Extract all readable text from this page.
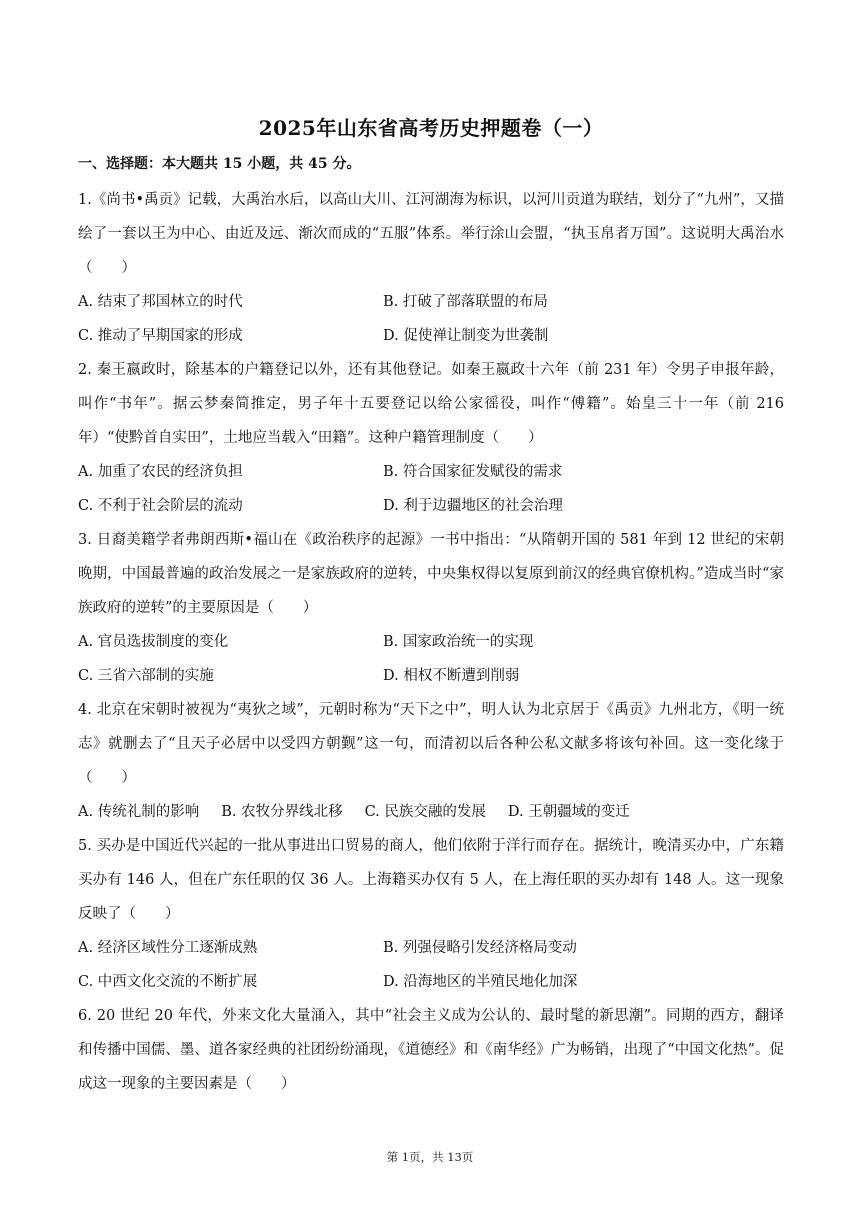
2025年山东省高考历史押题卷（一）
一、选择题：本大题共 15 小题，共 45 分。

1.《尚书•禹贡》记载，大禹治水后，以高山大川、江河湖海为标识，以河川贡道为联结，划分了“九州”，又描绘了一套以王为中心、由近及远、渐次而成的“五服”体系。举行涂山会盟，“执玉帛者万国”。这说明大禹治水（　　）

A. 结束了邦国林立的时代	B. 打破了部落联盟的布局
C. 推动了早期国家的形成	D. 促使禅让制变为世袭制

2. 秦王嬴政时，除基本的户籍登记以外，还有其他登记。如秦王嬴政十六年（前 231 年）令男子申报年龄，叫作“书年”。据云梦秦简推定，男子年十五要登记以给公家徭役，叫作“傅籍”。始皇三十一年（前 216 年）“使黔首自实田”，土地应当载入“田籍”。这种户籍管理制度（　　）

A. 加重了农民的经济负担	B. 符合国家征发赋役的需求
C. 不利于社会阶层的流动	D. 利于边疆地区的社会治理

3. 日裔美籍学者弗朗西斯•福山在《政治秩序的起源》一书中指出：“从隋朝开国的 581 年到 12 世纪的宋朝晚期，中国最普遍的政治发展之一是家族政府的逆转，中央集权得以复原到前汉的经典官僚机构。”造成当时“家族政府的逆转”的主要原因是（　　）

A. 官员选拔制度的变化	B. 国家政治统一的实现
C. 三省六部制的实施	D. 相权不断遭到削弱

4. 北京在宋朝时被视为“夷狄之域”，元朝时称为“天下之中”，明人认为北京居于《禹贡》九州北方，《明一统志》就删去了“且天子必居中以受四方朝觐”这一句，而清初以后各种公私文献多将该句补回。这一变化缘于（　　）

A. 传统礼制的影响 B. 农牧分界线北移 C. 民族交融的发展 D. 王朝疆域的变迁

5. 买办是中国近代兴起的一批从事进出口贸易的商人，他们依附于洋行而存在。据统计，晚清买办中，广东籍买办有 146 人，但在广东任职的仅 36 人。上海籍买办仅有 5 人，在上海任职的买办却有 148 人。这一现象反映了（　　）

A. 经济区域性分工逐渐成熟	B. 列强侵略引发经济格局变动
C. 中西文化交流的不断扩展	D. 沿海地区的半殖民地化加深

6. 20 世纪 20 年代，外来文化大量涌入，其中“社会主义成为公认的、最时髦的新思潮”。同期的西方，翻译和传播中国儒、墨、道各家经典的社团纷纷涌现，《道德经》和《南华经》广为畅销，出现了“中国文化热”。促成这一现象的主要因素是（　　）

第 1页，共 13页
